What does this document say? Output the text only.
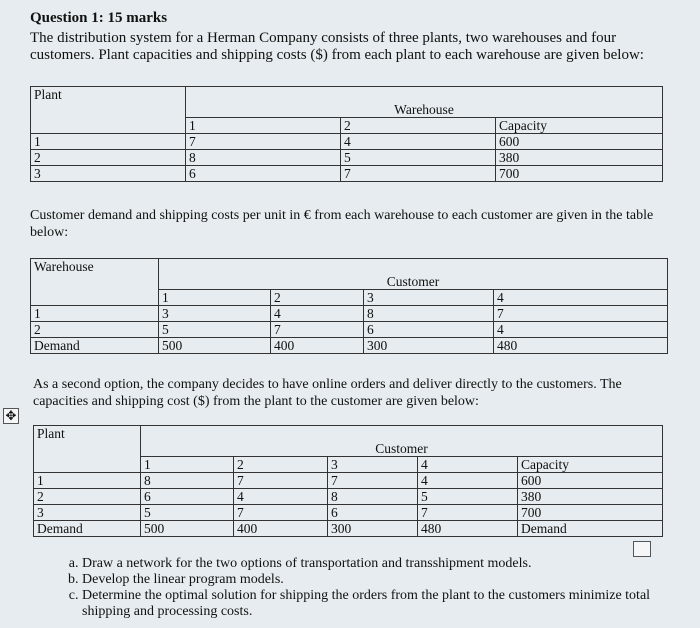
Question 1: 15 marks
The distribution system for a Herman Company consists of three plants, two warehouses and four customers. Plant capacities and shipping costs ($) from each plant to each warehouse are given below:
Plant	Warehouse		
	1	2	Capacity
1	7	4	600
2	8	5	380
3	6	7	700
Customer demand and shipping costs per unit in € from each warehouse to each customer are given in the table below:
Warehouse	Customer			
	1	2	3	4
1	3	4	8	7
2	5	7	6	4
Demand	500	400	300	480
As a second option, the company decides to have online orders and deliver directly to the customers. The capacities and shipping cost ($) from the plant to the customer are given below:
✥
Plant	Customer				
	1	2	3	4	Capacity
1	8	7	7	4	600
2	6	4	8	5	380
3	5	7	6	7	700
Demand	500	400	300	480	Demand
a. Draw a network for the two options of transportation and transshipment models.
b. Develop the linear program models.
c. Determine the optimal solution for shipping the orders from the plant to the customers minimize total shipping and processing costs.
